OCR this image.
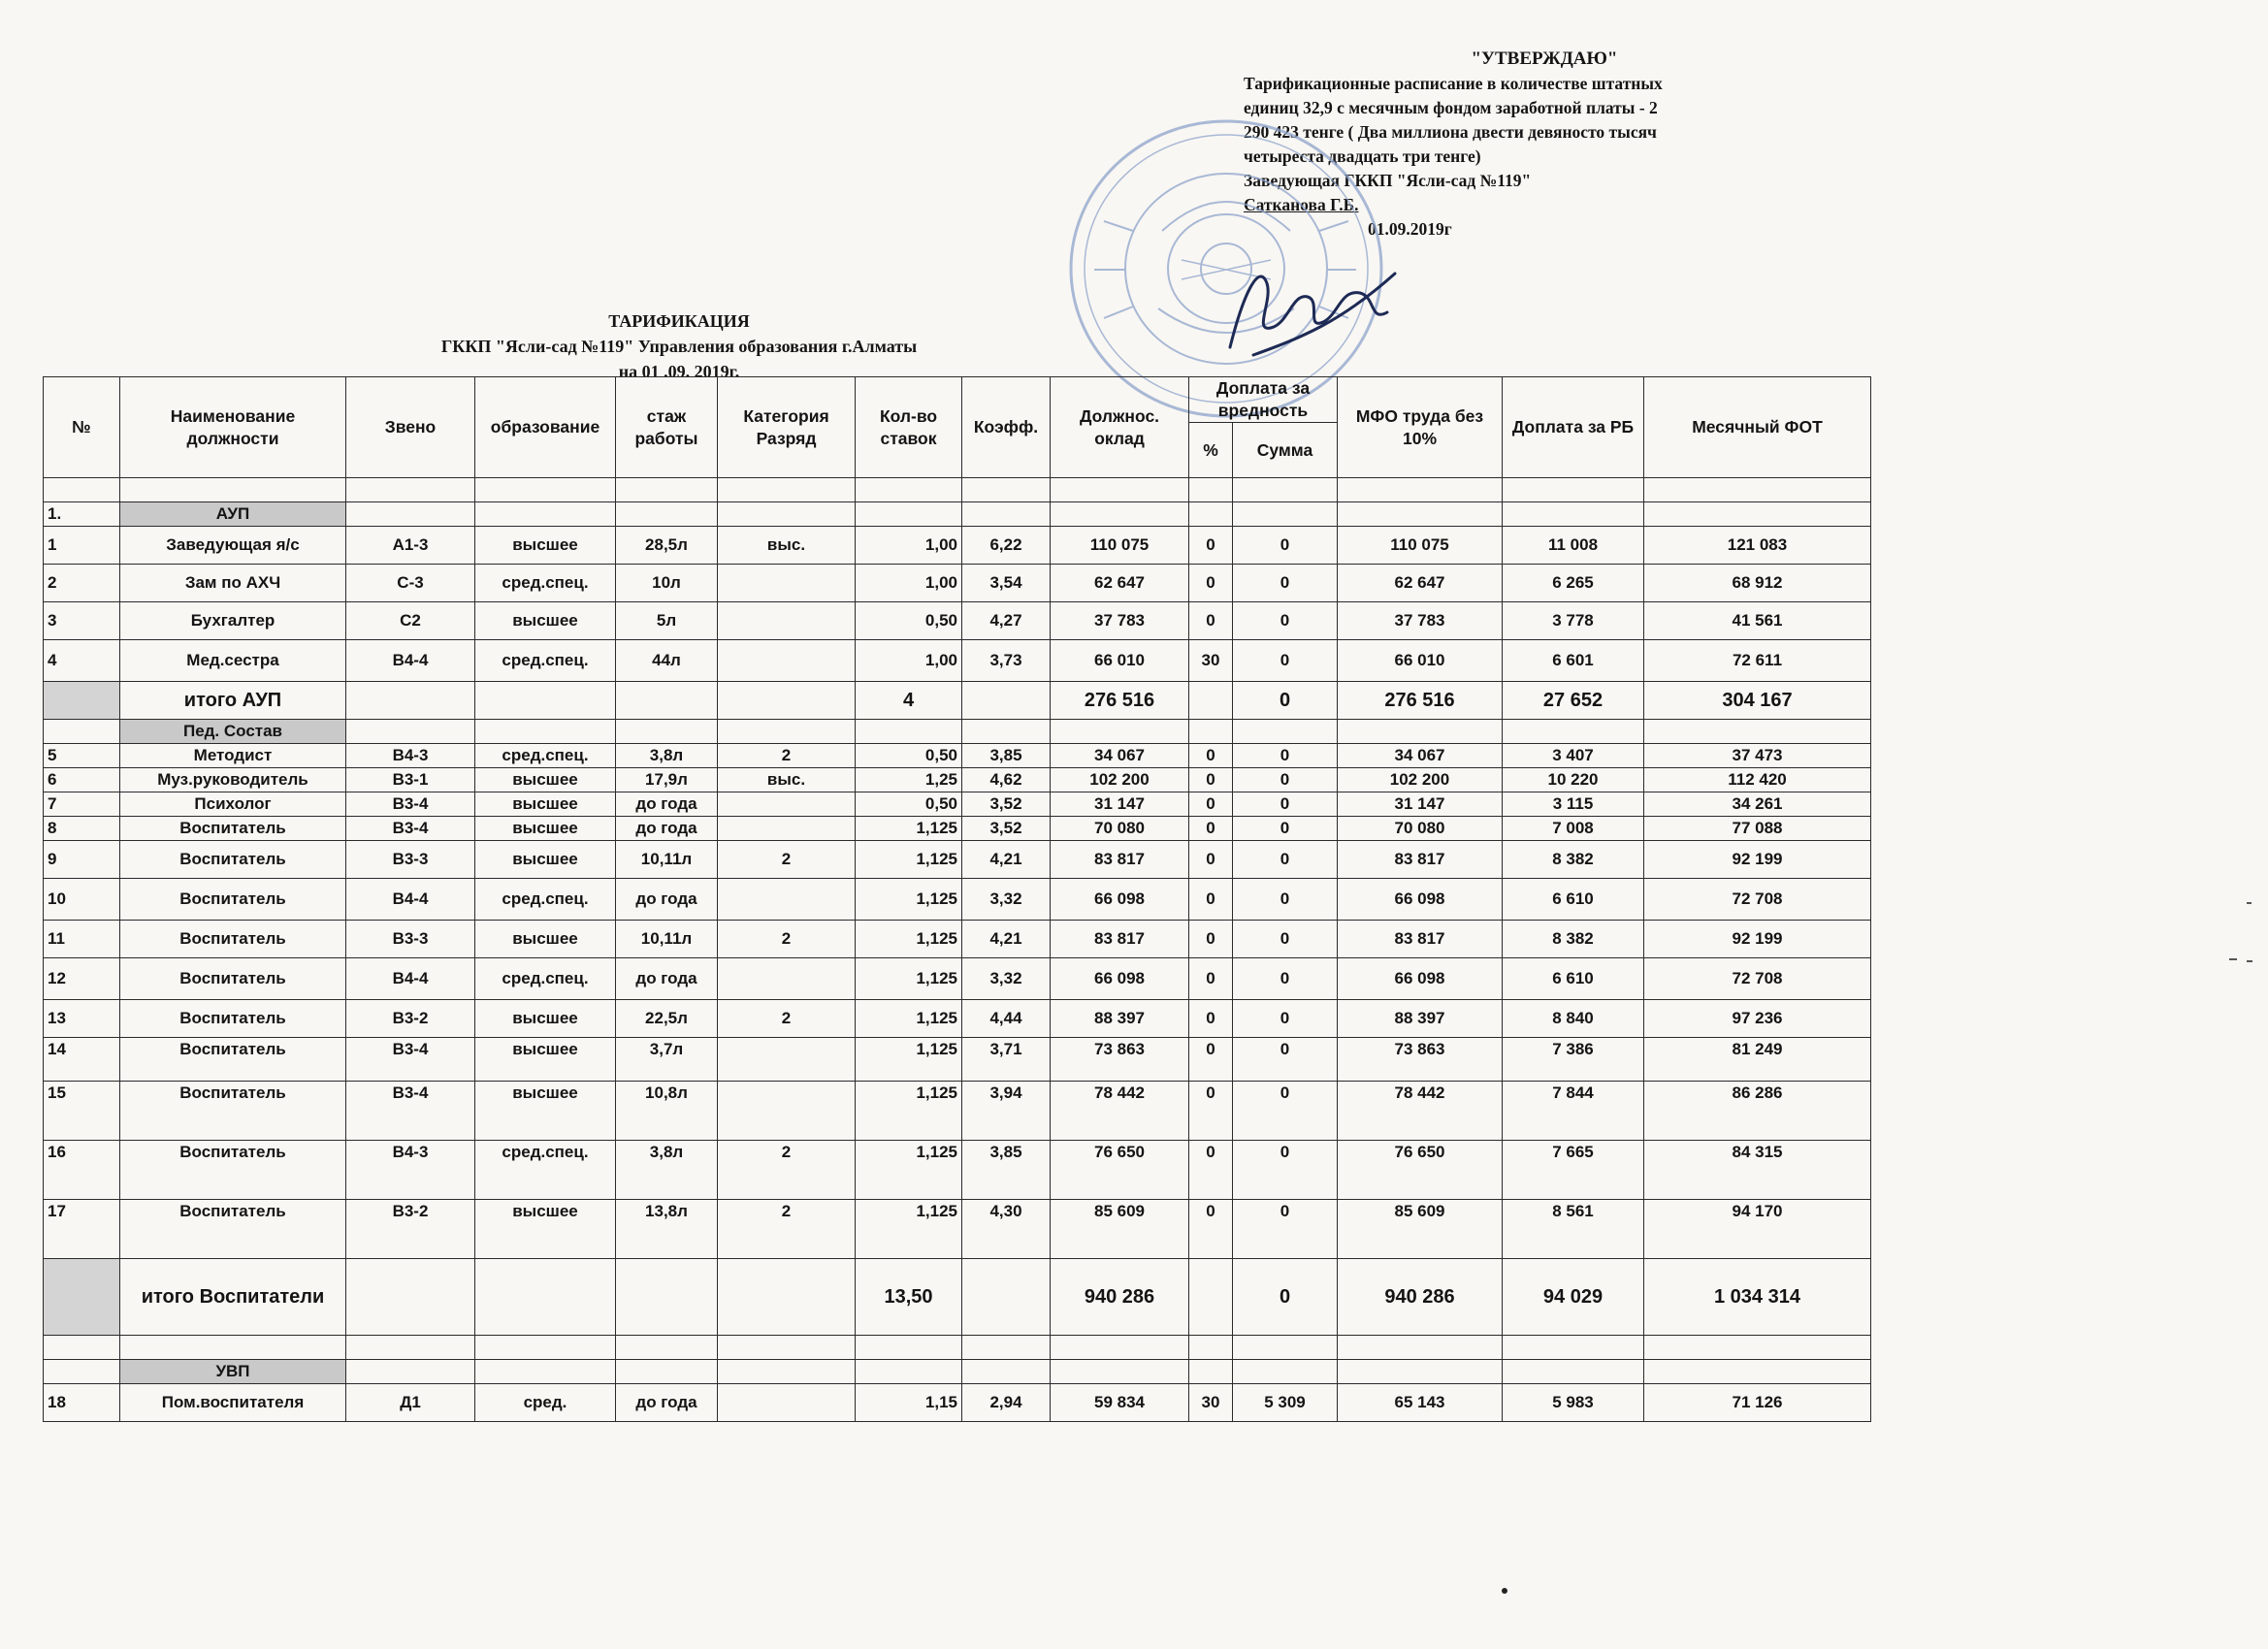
"УТВЕРЖДАЮ"
Тарификационные расписание в количестве штатных
единиц 32,9 с месячным фондом заработной платы - 2
290 423 тенге ( Два миллиона двести девяносто тысяч
четыреста двадцать три тенге)
Заведующая ГККП "Ясли-сад №119"
Сатканова Г.Б.
01.09.2019г
ТАРИФИКАЦИЯ
ГККП "Ясли-сад №119" Управления образования г.Алматы
на 01 .09. 2019г.
№	Наименование должности	Звено	образование	стаж работы	Категория Разряд	Кол-во ставок	Коэфф.	Должнос. оклад	Доплата за вредность		МФО труда без 10%	Доплата за РБ	Месячный ФОТ
									%	Сумма			

1.	АУП												
1	Заведующая я/с	А1-3	высшее	28,5л	выс.	1,00	6,22	110 075	0	0	110 075	11 008	121 083
2	Зам по АХЧ	С-3	сред.спец.	10л		1,00	3,54	62 647	0	0	62 647	6 265	68 912
3	Бухгалтер	С2	высшее	5л		0,50	4,27	37 783	0	0	37 783	3 778	41 561
4	Мед.сестра	В4-4	сред.спец.	44л		1,00	3,73	66 010	30	0	66 010	6 601	72 611
	итого АУП					4		276 516		0	276 516	27 652	304 167
	Пед. Состав												
5	Методист	В4-3	сред.спец.	3,8л	2	0,50	3,85	34 067	0	0	34 067	3 407	37 473
6	Муз.руководитель	В3-1	высшее	17,9л	выс.	1,25	4,62	102 200	0	0	102 200	10 220	112 420
7	Психолог	В3-4	высшее	до года		0,50	3,52	31 147	0	0	31 147	3 115	34 261
8	Воспитатель	В3-4	высшее	до года		1,125	3,52	70 080	0	0	70 080	7 008	77 088
9	Воспитатель	В3-3	высшее	10,11л	2	1,125	4,21	83 817	0	0	83 817	8 382	92 199
10	Воспитатель	В4-4	сред.спец.	до года		1,125	3,32	66 098	0	0	66 098	6 610	72 708
11	Воспитатель	В3-3	высшее	10,11л	2	1,125	4,21	83 817	0	0	83 817	8 382	92 199
12	Воспитатель	В4-4	сред.спец.	до года		1,125	3,32	66 098	0	0	66 098	6 610	72 708
13	Воспитатель	В3-2	высшее	22,5л	2	1,125	4,44	88 397	0	0	88 397	8 840	97 236
14	Воспитатель	В3-4	высшее	3,7л		1,125	3,71	73 863	0	0	73 863	7 386	81 249
15	Воспитатель	В3-4	высшее	10,8л		1,125	3,94	78 442	0	0	78 442	7 844	86 286
16	Воспитатель	В4-3	сред.спец.	3,8л	2	1,125	3,85	76 650	0	0	76 650	7 665	84 315
17	Воспитатель	В3-2	высшее	13,8л	2	1,125	4,30	85 609	0	0	85 609	8 561	94 170
	итого Воспитатели					13,50		940 286		0	940 286	94 029	1 034 314

	УВП												
18	Пом.воспитателя	Д1	сред.	до года		1,15	2,94	59 834	30	5 309	65 143	5 983	71 126
